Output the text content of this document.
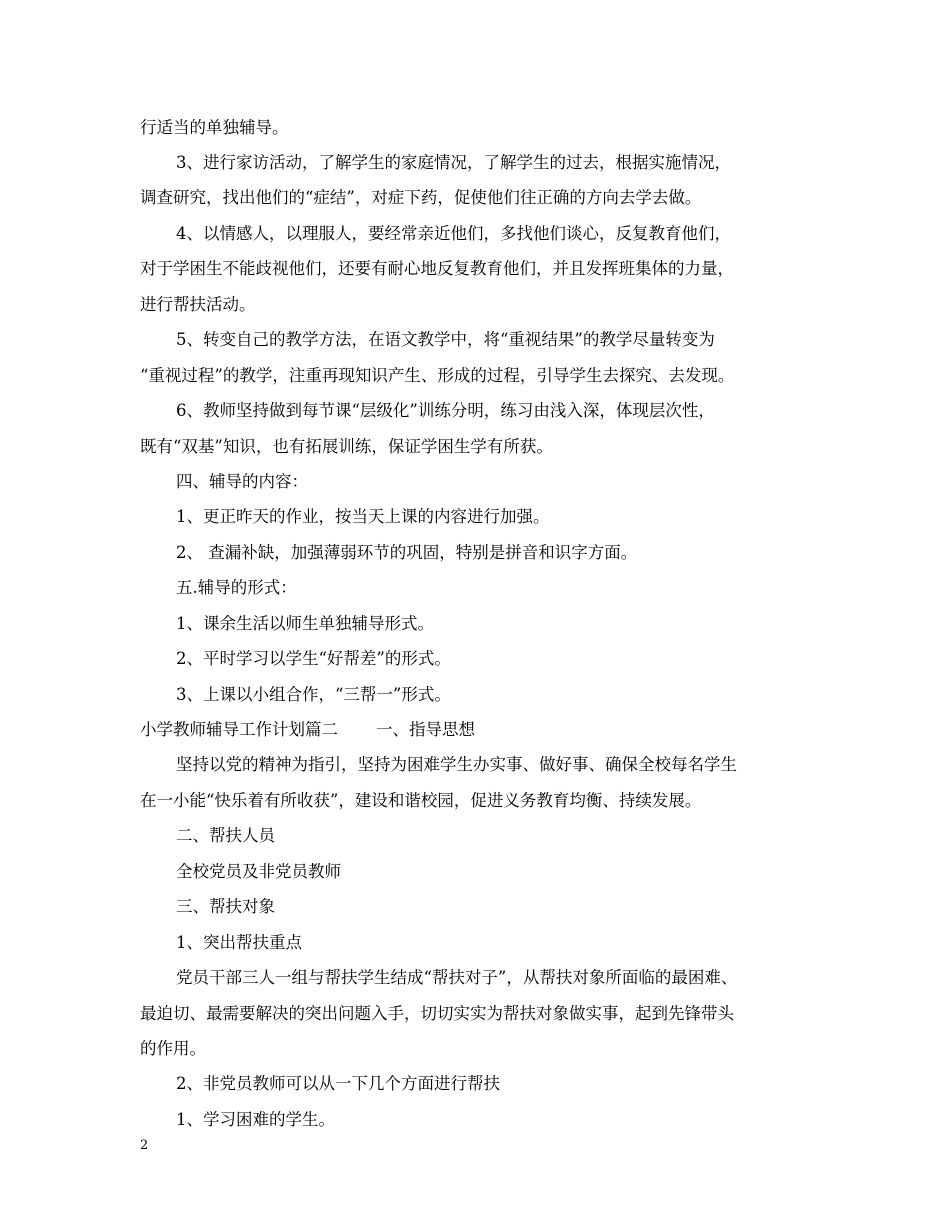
行适当的单独辅导。
3、进行家访活动，了解学生的家庭情况，了解学生的过去，根据实施情况，
调查研究，找出他们的“症结”，对症下药，促使他们往正确的方向去学去做。
4、以情感人，以理服人，要经常亲近他们，多找他们谈心，反复教育他们，
对于学困生不能歧视他们，还要有耐心地反复教育他们，并且发挥班集体的力量，
进行帮扶活动。
5、转变自己的教学方法，在语文教学中，将“重视结果”的教学尽量转变为
“重视过程”的教学，注重再现知识产生、形成的过程，引导学生去探究、去发现。
6、教师坚持做到每节课“层级化”训练分明，练习由浅入深，体现层次性，
既有“双基”知识，也有拓展训练，保证学困生学有所获。
四、辅导的内容：
1、更正昨天的作业，按当天上课的内容进行加强。
2、 查漏补缺，加强薄弱环节的巩固，特别是拼音和识字方面。
五.辅导的形式：
1、课余生活以师生单独辅导形式。
2、平时学习以学生“好帮差”的形式。
3、上课以小组合作，“三帮一”形式。
小学教师辅导工作计划篇二 一、指导思想
坚持以党的精神为指引，坚持为困难学生办实事、做好事、确保全校每名学生
在一小能“快乐着有所收获”，建设和谐校园，促进义务教育均衡、持续发展。
二、帮扶人员
全校党员及非党员教师
三、帮扶对象
1、突出帮扶重点
党员干部三人一组与帮扶学生结成“帮扶对子”，从帮扶对象所面临的最困难、
最迫切、最需要解决的突出问题入手，切切实实为帮扶对象做实事，起到先锋带头
的作用。
2、非党员教师可以从一下几个方面进行帮扶
1、学习困难的学生。
2
